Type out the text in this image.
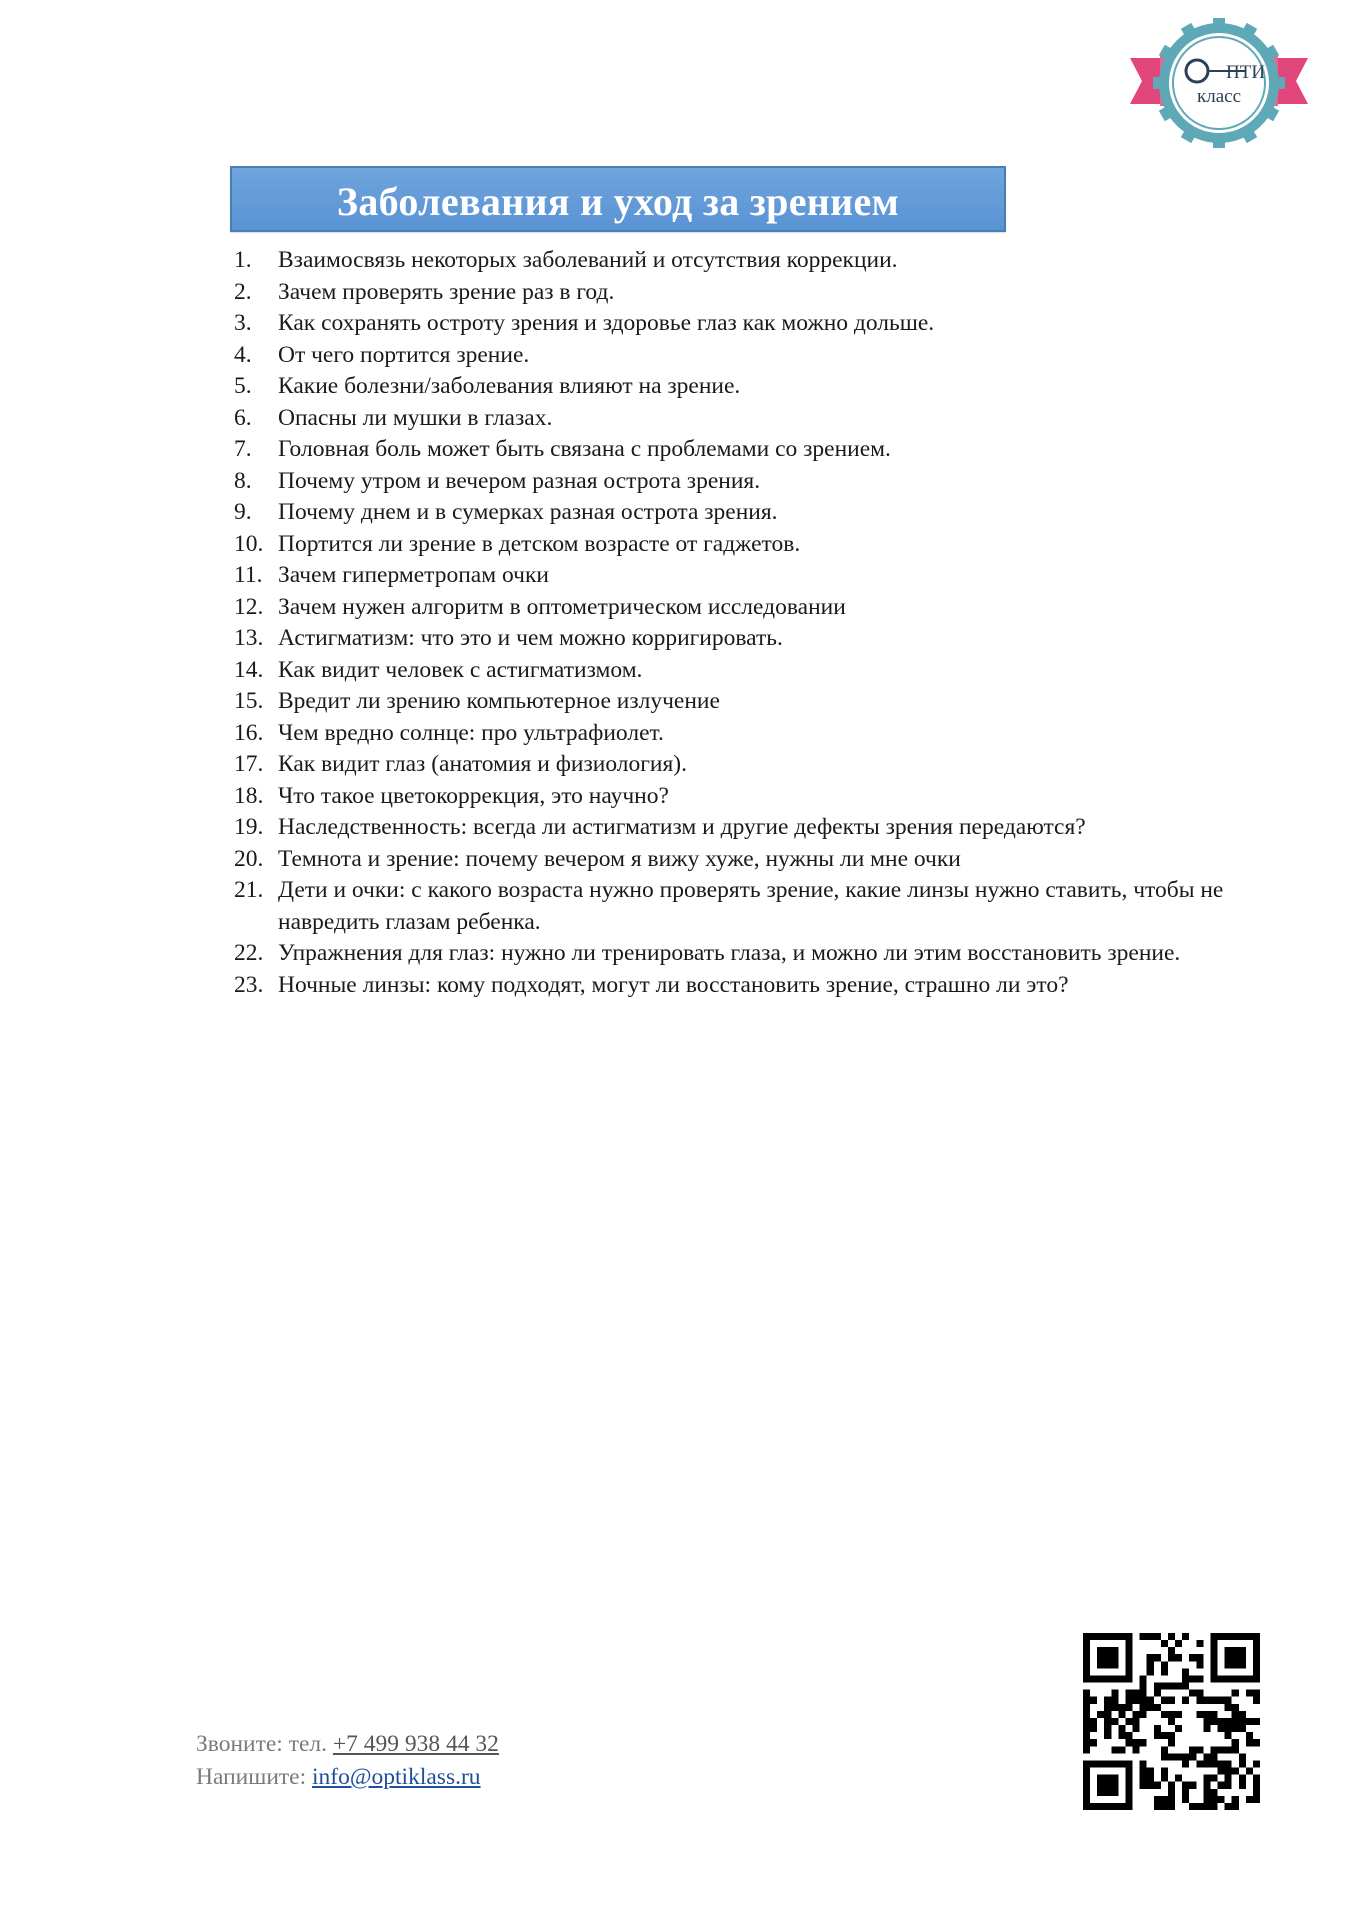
ПТИ
класс
Заболевания и уход за зрением
1.	Взаимосвязь некоторых заболеваний и отсутствия коррекции.
2.	Зачем проверять зрение раз в год.
3.	Как сохранять остроту зрения и здоровье глаз как можно дольше.
4.	От чего портится зрение.
5.	Какие болезни/заболевания влияют на зрение.
6.	Опасны ли мушки в глазах.
7.	Головная боль может быть связана с проблемами со зрением.
8.	Почему утром и вечером разная острота зрения.
9.	Почему днем и в сумерках разная острота зрения.
10. Портится ли зрение в детском возрасте от гаджетов.
11. Зачем гиперметропам очки
12. Зачем нужен алгоритм в оптометрическом исследовании
13. Астигматизм: что это и чем можно корригировать.
14. Как видит человек с астигматизмом.
15. Вредит ли зрению компьютерное излучение
16. Чем вредно солнце: про ультрафиолет.
17. Как видит глаз (анатомия и физиология).
18. Что такое цветокоррекция, это научно?
19. Наследственность: всегда ли астигматизм и другие дефекты зрения передаются?
20. Темнота и зрение: почему вечером я вижу хуже, нужны ли мне очки
21. Дети и очки: с какого возраста нужно проверять зрение, какие линзы нужно ставить, чтобы не навредить глазам ребенка.
22. Упражнения для глаз: нужно ли тренировать глаза, и можно ли этим восстановить зрение.
23. Ночные линзы: кому подходят, могут ли восстановить зрение, страшно ли это?
Звоните: тел. +7 499 938 44 32
Напишите: info@optiklass.ru
